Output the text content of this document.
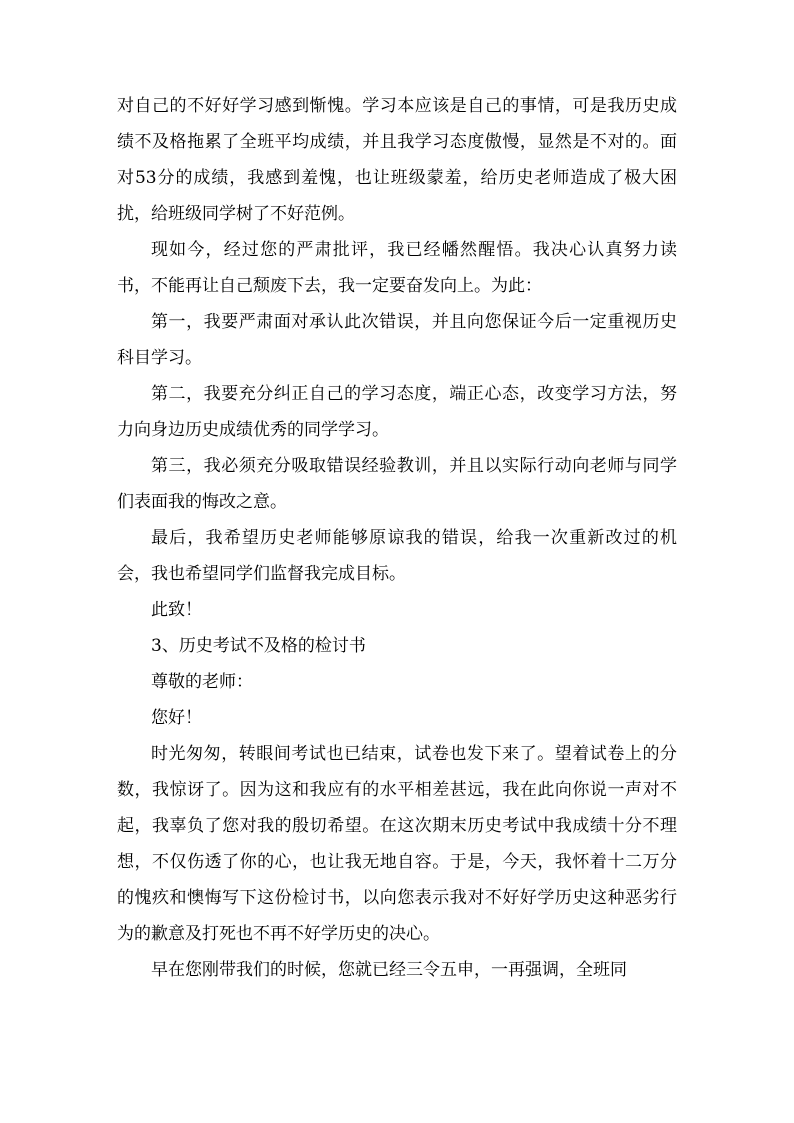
对自己的不好好学习感到惭愧。学习本应该是自己的事情，可是我历史成绩不及格拖累了全班平均成绩，并且我学习态度傲慢，显然是不对的。面对53分的成绩，我感到羞愧，也让班级蒙羞，给历史老师造成了极大困扰，给班级同学树了不好范例。

现如今，经过您的严肃批评，我已经幡然醒悟。我决心认真努力读书，不能再让自己颓废下去，我一定要奋发向上。为此：

第一，我要严肃面对承认此次错误，并且向您保证今后一定重视历史科目学习。

第二，我要充分纠正自己的学习态度，端正心态，改变学习方法，努力向身边历史成绩优秀的同学学习。

第三，我必须充分吸取错误经验教训，并且以实际行动向老师与同学们表面我的悔改之意。

最后，我希望历史老师能够原谅我的错误，给我一次重新改过的机会，我也希望同学们监督我完成目标。

此致！

3、历史考试不及格的检讨书

尊敬的老师：

您好！

时光匆匆，转眼间考试也已结束，试卷也发下来了。望着试卷上的分数，我惊讶了。因为这和我应有的水平相差甚远，我在此向你说一声对不起，我辜负了您对我的殷切希望。在这次期末历史考试中我成绩十分不理想，不仅伤透了你的心，也让我无地自容。于是，今天，我怀着十二万分的愧疚和懊悔写下这份检讨书，以向您表示我对不好好学历史这种恶劣行为的歉意及打死也不再不好学历史的决心。

早在您刚带我们的时候，您就已经三令五申，一再强调，全班同
